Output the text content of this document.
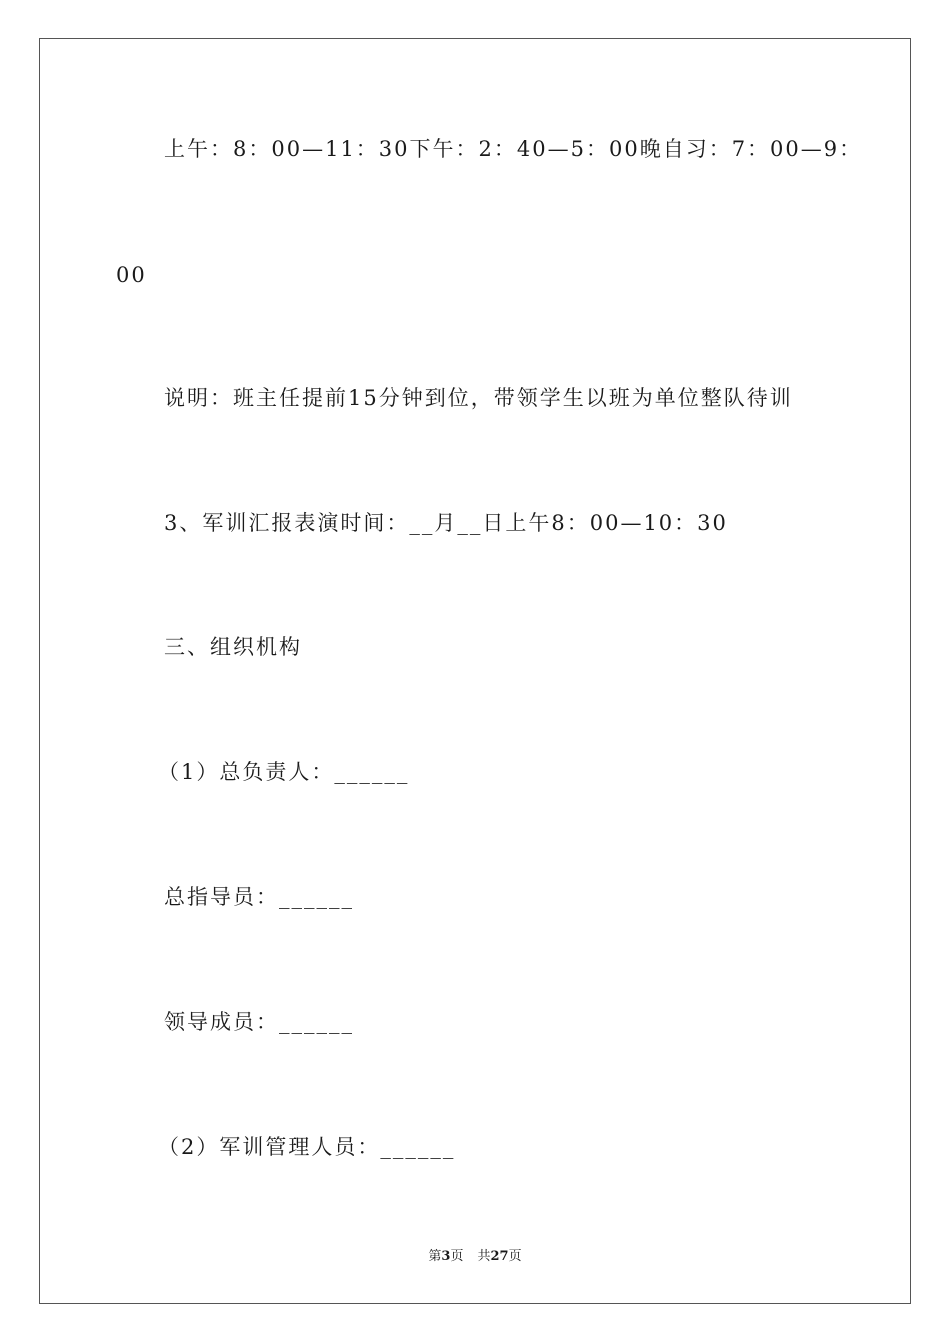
上午：8：00—11：30下午：2：40—5：00晚自习：7：00—9：
00
说明：班主任提前15分钟到位，带领学生以班为单位整队待训
3、军训汇报表演时间：__月__日上午8：00—10：30
三、组织机构
（1）总负责人：______
总指导员：______
领导成员：______
（2）军训管理人员：______
第3页 共27页
